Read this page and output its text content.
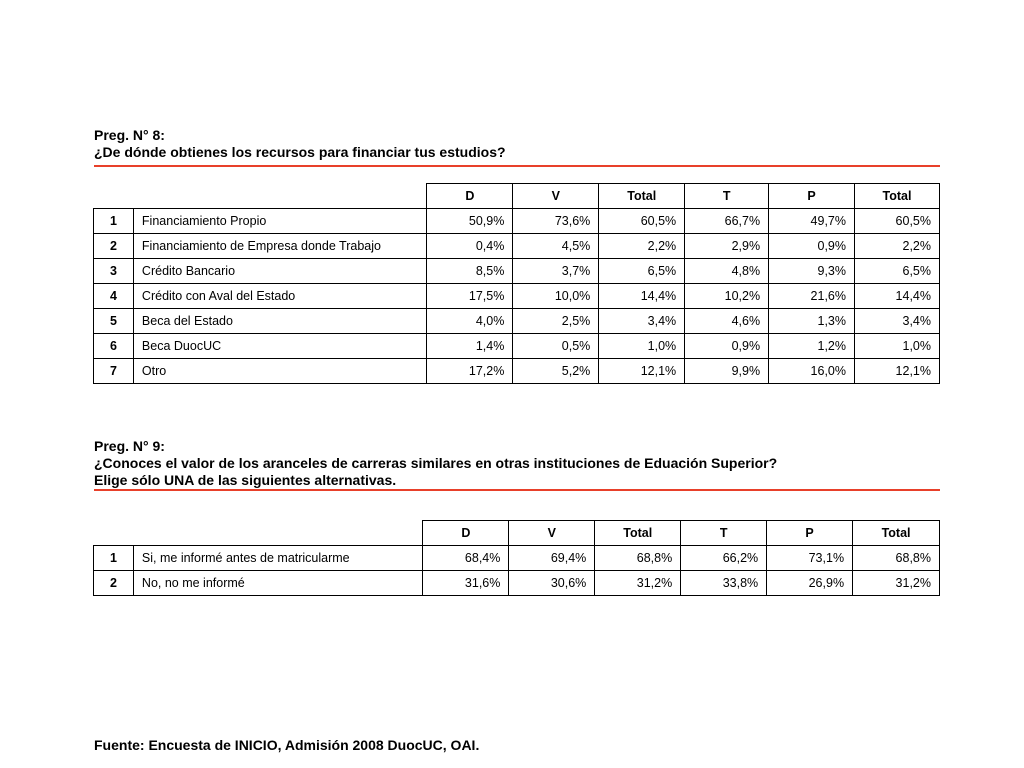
Preg. N° 8:
¿De dónde obtienes los recursos para financiar tus estudios?
		D	V	Total	T	P	Total
1	Financiamiento Propio	50,9%	73,6%	60,5%	66,7%	49,7%	60,5%
2	Financiamiento de Empresa donde Trabajo	0,4%	4,5%	2,2%	2,9%	0,9%	2,2%
3	Crédito Bancario	8,5%	3,7%	6,5%	4,8%	9,3%	6,5%
4	Crédito con Aval del Estado	17,5%	10,0%	14,4%	10,2%	21,6%	14,4%
5	Beca del Estado	4,0%	2,5%	3,4%	4,6%	1,3%	3,4%
6	Beca DuocUC	1,4%	0,5%	1,0%	0,9%	1,2%	1,0%
7	Otro	17,2%	5,2%	12,1%	9,9%	16,0%	12,1%
Preg. N° 9:
¿Conoces el valor de los aranceles de carreras similares en otras instituciones de Eduación Superior?
Elige sólo UNA de las siguientes alternativas.
		D	V	Total	T	P	Total
1	Si, me informé antes de matricularme	68,4%	69,4%	68,8%	66,2%	73,1%	68,8%
2	No, no me informé	31,6%	30,6%	31,2%	33,8%	26,9%	31,2%
Fuente: Encuesta de INICIO, Admisión 2008 DuocUC, OAI.
